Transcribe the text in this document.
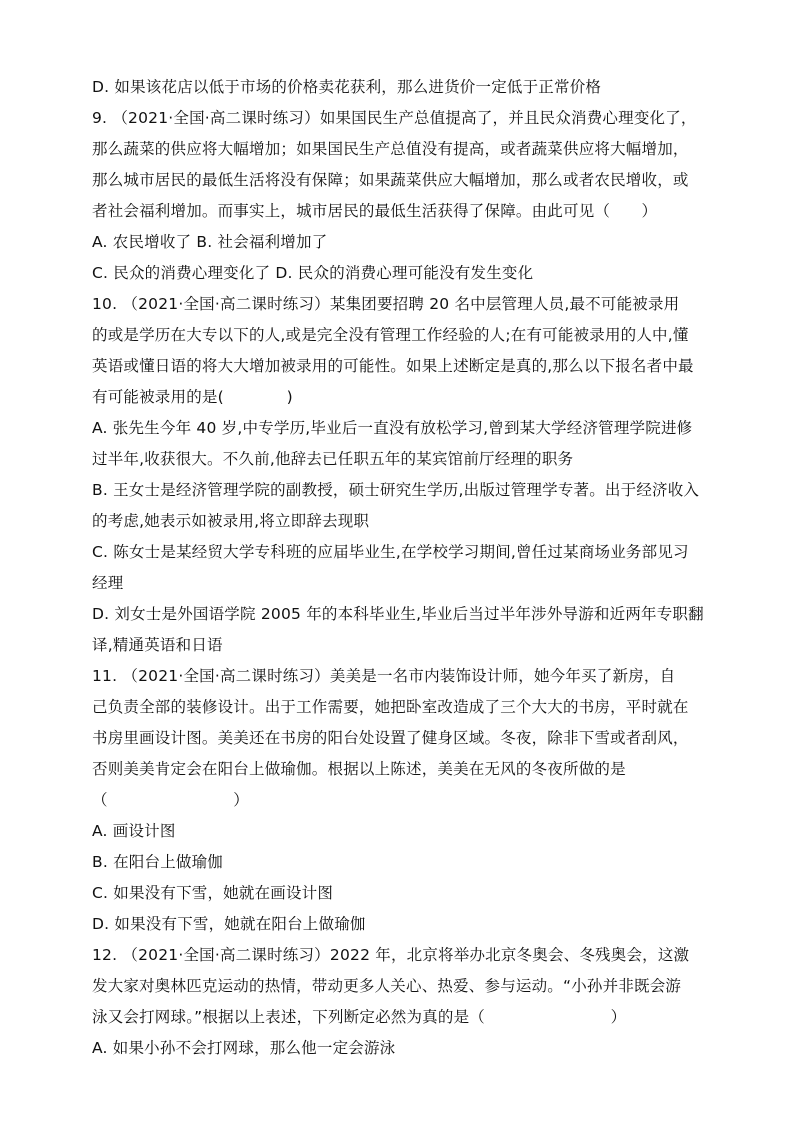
D. 如果该花店以低于市场的价格卖花获利，那么进货价一定低于正常价格
9. （2021·全国·高二课时练习）如果国民生产总值提高了，并且民众消费心理变化了，
那么蔬菜的供应将大幅增加；如果国民生产总值没有提高，或者蔬菜供应将大幅增加，
那么城市居民的最低生活将没有保障；如果蔬菜供应大幅增加，那么或者农民增收，或
者社会福利增加。而事实上，城市居民的最低生活获得了保障。由此可见（　　）
A. 农民增收了 B. 社会福利增加了
C. 民众的消费心理变化了 D. 民众的消费心理可能没有发生变化
10. （2021·全国·高二课时练习）某集团要招聘 20 名中层管理人员,最不可能被录用
的或是学历在大专以下的人,或是完全没有管理工作经验的人;在有可能被录用的人中,懂
英语或懂日语的将大大增加被录用的可能性。如果上述断定是真的,那么以下报名者中最
有可能被录用的是(　　　　)
A. 张先生今年 40 岁,中专学历,毕业后一直没有放松学习,曾到某大学经济管理学院进修
过半年,收获很大。不久前,他辞去已任职五年的某宾馆前厅经理的职务
B. 王女士是经济管理学院的副教授，硕士研究生学历,出版过管理学专著。出于经济收入
的考虑,她表示如被录用,将立即辞去现职
C. 陈女士是某经贸大学专科班的应届毕业生,在学校学习期间,曾任过某商场业务部见习
经理
D. 刘女士是外国语学院 2005 年的本科毕业生,毕业后当过半年涉外导游和近两年专职翻
译,精通英语和日语
11. （2021·全国·高二课时练习）美美是一名市内装饰设计师，她今年买了新房，自
己负责全部的装修设计。出于工作需要，她把卧室改造成了三个大大的书房，平时就在
书房里画设计图。美美还在书房的阳台处设置了健身区域。冬夜，除非下雪或者刮风，
否则美美肯定会在阳台上做瑜伽。根据以上陈述，美美在无风的冬夜所做的是
（　　　　　　　　）
A. 画设计图
B. 在阳台上做瑜伽
C. 如果没有下雪，她就在画设计图
D. 如果没有下雪，她就在阳台上做瑜伽
12. （2021·全国·高二课时练习）2022 年，北京将举办北京冬奥会、冬残奥会，这激
发大家对奥林匹克运动的热情，带动更多人关心、热爱、参与运动。“小孙并非既会游
泳又会打网球。”根据以上表述，下列断定必然为真的是（　　　　　　　　）
A. 如果小孙不会打网球，那么他一定会游泳
